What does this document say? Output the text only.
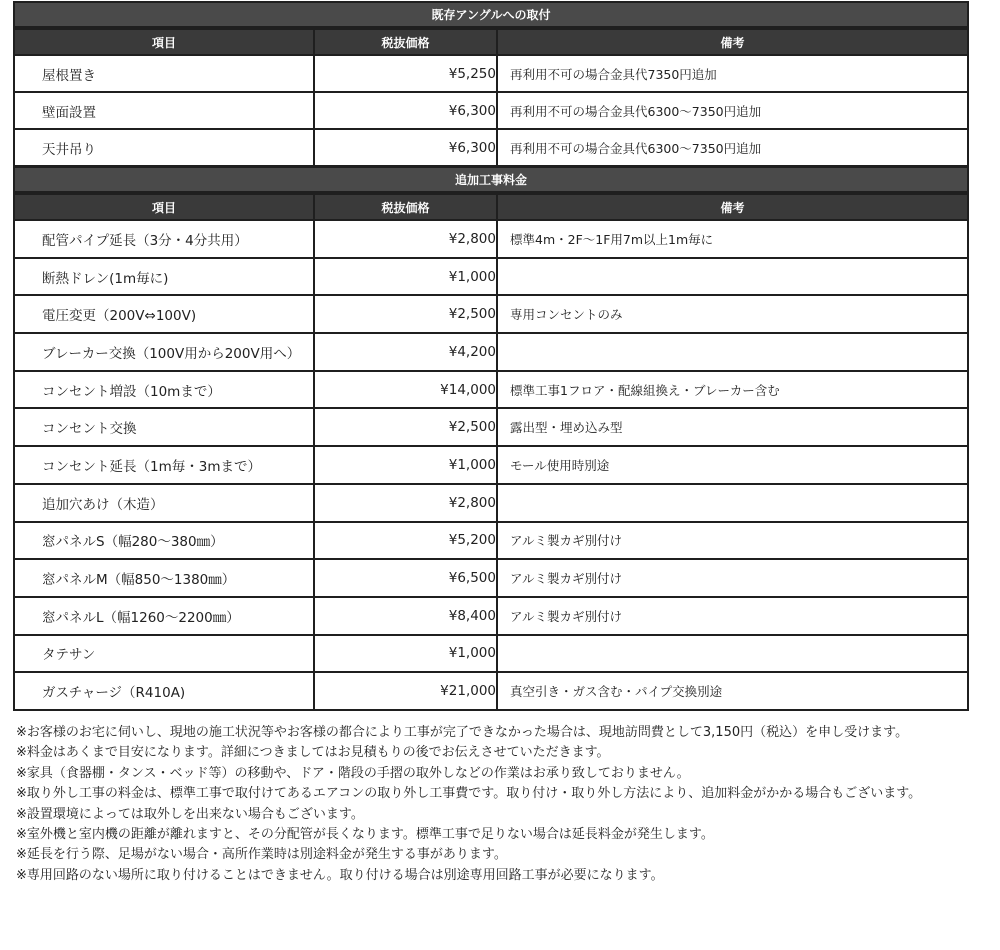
既存アングルへの取付
項目	税抜価格	備考
屋根置き	¥5,250	再利用不可の場合金具代7350円追加
壁面設置	¥6,300	再利用不可の場合金具代6300〜7350円追加
天井吊り	¥6,300	再利用不可の場合金具代6300〜7350円追加
追加工事料金
項目	税抜価格	備考
配管パイプ延長（3分・4分共用）	¥2,800	標準4m・2F〜1F用7m以上1m毎に
断熱ドレン(1m毎に)	¥1,000
電圧変更（200V⇔100V)	¥2,500	専用コンセントのみ
ブレーカー交換（100V用から200V用へ）	¥4,200
コンセント増設（10mまで）	¥14,000	標準工事1フロア・配線組換え・ブレーカー含む
コンセント交換	¥2,500	露出型・埋め込み型
コンセント延長（1m毎・3mまで）	¥1,000	モール使用時別途
追加穴あけ（木造）	¥2,800
窓パネルS（幅280〜380㎜）	¥5,200	アルミ製カギ別付け
窓パネルM（幅850〜1380㎜）	¥6,500	アルミ製カギ別付け
窓パネルL（幅1260〜2200㎜）	¥8,400	アルミ製カギ別付け
タテサン	¥1,000
ガスチャージ（R410A)	¥21,000	真空引き・ガス含む・パイプ交換別途

※お客様のお宅に伺いし、現地の施工状況等やお客様の都合により工事が完了できなかった場合は、現地訪問費として3,150円（税込）を申し受けます。

※料金はあくまで目安になります。詳細につきましてはお見積もりの後でお伝えさせていただきます。

※家具（食器棚・タンス・ベッド等）の移動や、ドア・階段の手摺の取外しなどの作業はお承り致しておりません。

※取り外し工事の料金は、標準工事で取付けてあるエアコンの取り外し工事費です。取り付け・取り外し方法により、追加料金がかかる場合もございます。

※設置環境によっては取外しを出来ない場合もございます。

※室外機と室内機の距離が離れますと、その分配管が長くなります。標準工事で足りない場合は延長料金が発生します。

※延長を行う際、足場がない場合・高所作業時は別途料金が発生する事があります。

※専用回路のない場所に取り付けることはできません。取り付ける場合は別途専用回路工事が必要になります。
